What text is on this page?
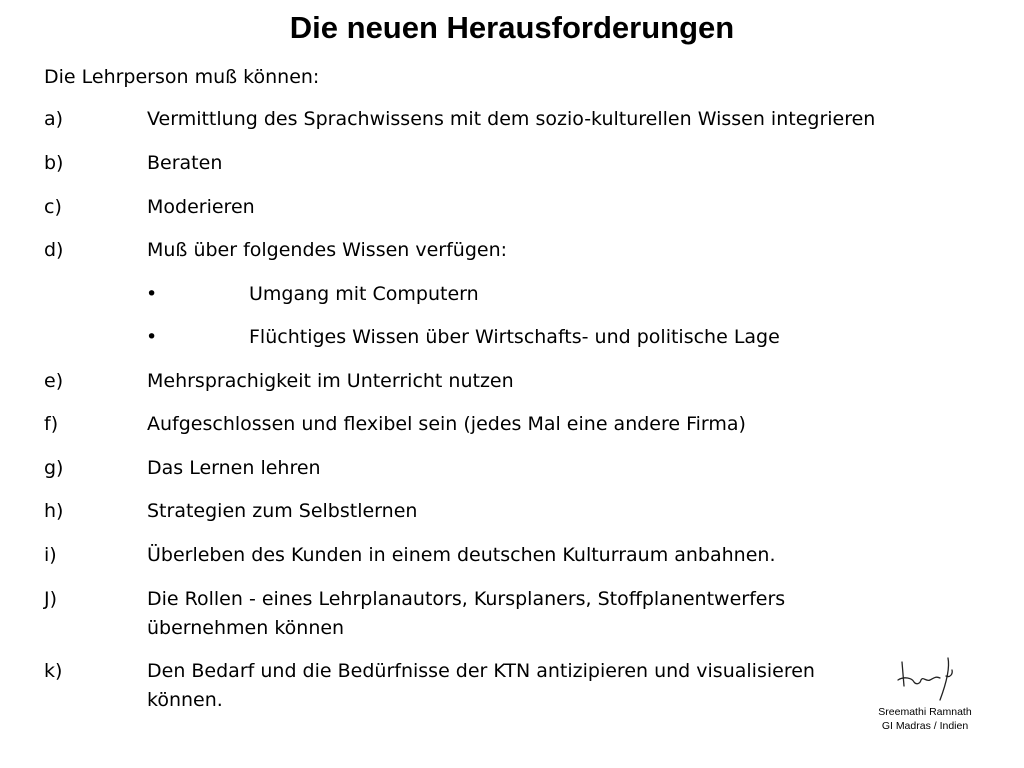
Die neuen Herausforderungen
Die Lehrperson muß können:
a)	Vermittlung des Sprachwissens mit dem sozio-kulturellen Wissen integrieren
b)	Beraten
c)	Moderieren
d)	Muß über folgendes Wissen verfügen:
•	Umgang mit Computern
•	Flüchtiges Wissen über Wirtschafts- und politische Lage
e)	Mehrsprachigkeit im Unterricht nutzen
f)	Aufgeschlossen und flexibel sein (jedes Mal eine andere Firma)
g)	Das Lernen lehren
h)	Strategien zum Selbstlernen
i)	Überleben des Kunden in einem deutschen Kulturraum anbahnen.
J)	Die Rollen - eines Lehrplanautors, Kursplaners, Stoffplanentwerfers übernehmen können
k)	Den Bedarf und die Bedürfnisse der KTN antizipieren und visualisieren können.
Sreemathi Ramnath
GI Madras / Indien
